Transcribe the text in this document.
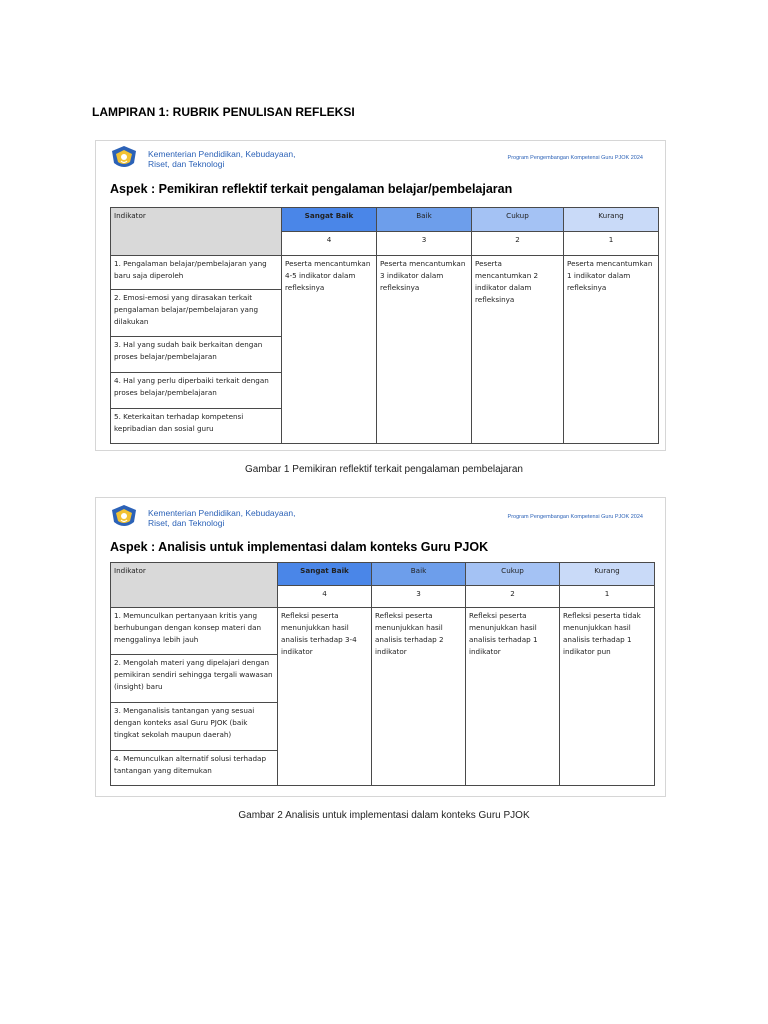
LAMPIRAN 1: RUBRIK PENULISAN REFLEKSI
Kementerian Pendidikan, Kebudayaan,
Riset, dan Teknologi
Program Pengembangan Kompetensi Guru PJOK 2024
Aspek : Pemikiran reflektif terkait pengalaman belajar/pembelajaran
Indikator	Sangat Baik	Baik	Cukup	Kurang
	4	3	2	1
1. Pengalaman belajar/pembelajaran yang baru saja diperoleh	Peserta mencantumkan 4-5 indikator dalam refleksinya	Peserta mencantumkan 3 indikator dalam refleksinya	Peserta mencantumkan 2 indikator dalam refleksinya	Peserta mencantumkan 1 indikator dalam refleksinya
2. Emosi-emosi yang dirasakan terkait pengalaman belajar/pembelajaran yang dilakukan				
3. Hal yang sudah baik berkaitan dengan proses belajar/pembelajaran				
4. Hal yang perlu diperbaiki terkait dengan proses belajar/pembelajaran				
5. Keterkaitan terhadap kompetensi kepribadian dan sosial guru				
Gambar 1 Pemikiran reflektif terkait pengalaman pembelajaran
Kementerian Pendidikan, Kebudayaan,
Riset, dan Teknologi
Program Pengembangan Kompetensi Guru PJOK 2024
Aspek : Analisis untuk implementasi dalam konteks Guru PJOK
Indikator	Sangat Baik	Baik	Cukup	Kurang
	4	3	2	1
1. Memunculkan pertanyaan kritis yang berhubungan dengan konsep materi dan menggalinya lebih jauh	Refleksi peserta menunjukkan hasil analisis terhadap 3-4 indikator	Refleksi peserta menunjukkan hasil analisis terhadap 2 indikator	Refleksi peserta menunjukkan hasil analisis terhadap 1 indikator	Refleksi peserta tidak menunjukkan hasil analisis terhadap 1 indikator pun
2. Mengolah materi yang dipelajari dengan pemikiran sendiri sehingga tergali wawasan (insight) baru				
3. Menganalisis tantangan yang sesuai dengan konteks asal Guru PJOK (baik tingkat sekolah maupun daerah)				
4. Memunculkan alternatif solusi terhadap tantangan yang ditemukan				
Gambar 2 Analisis untuk implementasi dalam konteks Guru PJOK
